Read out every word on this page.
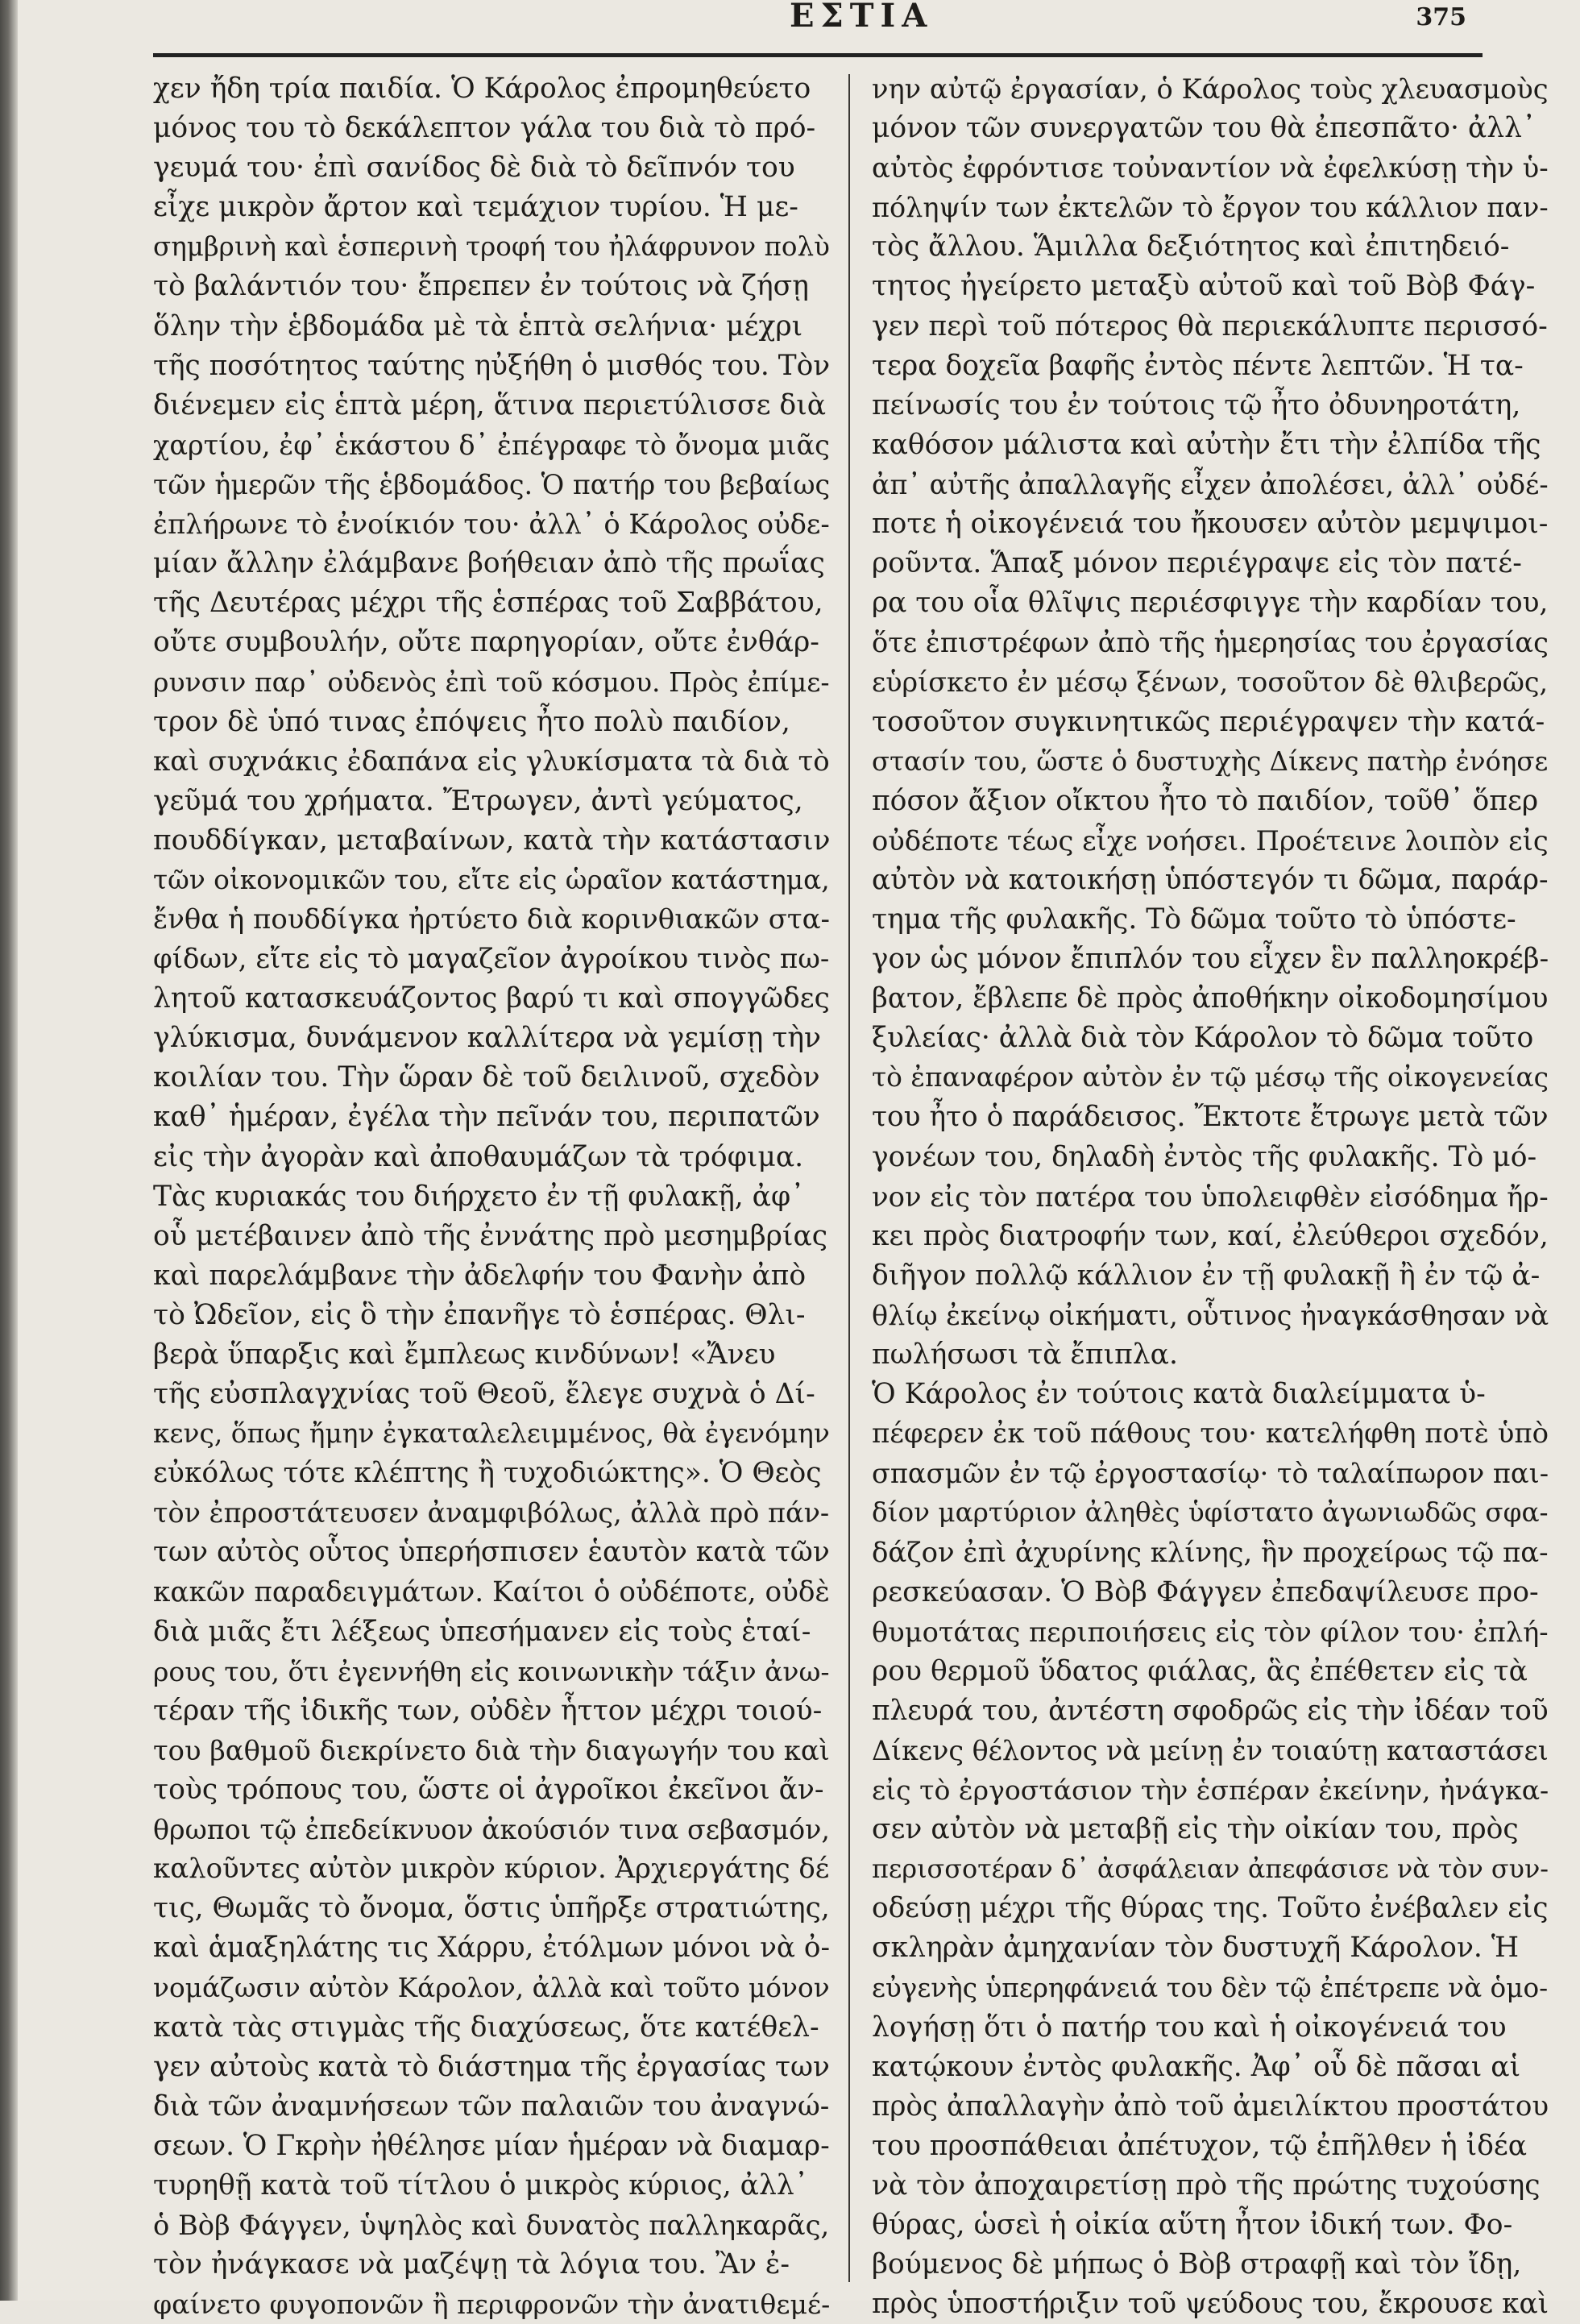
ΕΣΤΙΑ	375
χεν ἤδη τρία παιδία. Ὁ Κάρολος ἐπρομηθεύετο
μόνος του τὸ δεκάλεπτον γάλα του διὰ τὸ πρό-
γευμά του· ἐπὶ σανίδος δὲ διὰ τὸ δεῖπνόν του
εἶχε μικρὸν ἄρτον καὶ τεμάχιον τυρίου. Ἡ με-
σημβρινὴ καὶ ἑσπερινὴ τροφή του ἠλάφρυνον πολὺ
τὸ βαλάντιόν του· ἔπρεπεν ἐν τούτοις νὰ ζήσῃ
ὅλην τὴν ἑβδομάδα μὲ τὰ ἑπτὰ σελήνια· μέχρι
τῆς ποσότητος ταύτης ηὐξήθη ὁ μισθός του. Τὸν
διένεμεν εἰς ἑπτὰ μέρη, ἅτινα περιετύλισσε διὰ
χαρτίου, ἐφ᾽ ἑκάστου δ᾽ ἐπέγραφε τὸ ὄνομα μιᾶς
τῶν ἡμερῶν τῆς ἑβδομάδος. Ὁ πατήρ του βεβαίως
ἐπλήρωνε τὸ ἐνοίκιόν του· ἀλλ᾽ ὁ Κάρολος οὐδε-
μίαν ἄλλην ἐλάμβανε βοήθειαν ἀπὸ τῆς πρωΐας
τῆς Δευτέρας μέχρι τῆς ἑσπέρας τοῦ Σαββάτου,
οὔτε συμβουλήν, οὔτε παρηγορίαν, οὔτε ἐνθάρ-
ρυνσιν παρ᾽ οὐδενὸς ἐπὶ τοῦ κόσμου. Πρὸς ἐπίμε-
τρον δὲ ὑπό τινας ἐπόψεις ἦτο πολὺ παιδίον,
καὶ συχνάκις ἐδαπάνα εἰς γλυκίσματα τὰ διὰ τὸ
γεῦμά του χρήματα. Ἔτρωγεν, ἀντὶ γεύματος,
πουδδίγκαν, μεταβαίνων, κατὰ τὴν κατάστασιν
τῶν οἰκονομικῶν του, εἴτε εἰς ὡραῖον κατάστημα,
ἔνθα ἡ πουδδίγκα ἠρτύετο διὰ κορινθιακῶν στα-
φίδων, εἴτε εἰς τὸ μαγαζεῖον ἀγροίκου τινὸς πω-
λητοῦ κατασκευάζοντος βαρύ τι καὶ σπογγῶδες
γλύκισμα, δυνάμενον καλλίτερα νὰ γεμίσῃ τὴν
κοιλίαν του. Τὴν ὥραν δὲ τοῦ δειλινοῦ, σχεδὸν
καθ᾽ ἡμέραν, ἐγέλα τὴν πεῖνάν του, περιπατῶν
εἰς τὴν ἀγορὰν καὶ ἀποθαυμάζων τὰ τρόφιμα.
Τὰς κυριακάς του διήρχετο ἐν τῇ φυλακῇ, ἀφ᾽
οὗ μετέβαινεν ἀπὸ τῆς ἐννάτης πρὸ μεσημβρίας
καὶ παρελάμβανε τὴν ἀδελφήν του Φανὴν ἀπὸ
τὸ Ὠδεῖον, εἰς ὃ τὴν ἐπανῆγε τὸ ἑσπέρας. Θλι-
βερὰ ὕπαρξις καὶ ἔμπλεως κινδύνων! «Ἄνευ
τῆς εὐσπλαγχνίας τοῦ Θεοῦ, ἔλεγε συχνὰ ὁ Δί-
κενς, ὅπως ἤμην ἐγκαταλελειμμένος, θὰ ἐγενόμην
εὐκόλως τότε κλέπτης ἢ τυχοδιώκτης». Ὁ Θεὸς
τὸν ἐπροστάτευσεν ἀναμφιβόλως, ἀλλὰ πρὸ πάν-
των αὐτὸς οὗτος ὑπερήσπισεν ἑαυτὸν κατὰ τῶν
κακῶν παραδειγμάτων. Καίτοι ὁ οὐδέποτε, οὐδὲ
διὰ μιᾶς ἔτι λέξεως ὑπεσήμανεν εἰς τοὺς ἑταί-
ρους του, ὅτι ἐγεννήθη εἰς κοινωνικὴν τάξιν ἀνω-
τέραν τῆς ἰδικῆς των, οὐδὲν ἧττον μέχρι τοιού-
του βαθμοῦ διεκρίνετο διὰ τὴν διαγωγήν του καὶ
τοὺς τρόπους του, ὥστε οἱ ἀγροῖκοι ἐκεῖνοι ἄν-
θρωποι τῷ ἐπεδείκνυον ἀκούσιόν τινα σεβασμόν,
καλοῦντες αὐτὸν μικρὸν κύριον. Ἀρχιεργάτης δέ
τις, Θωμᾶς τὸ ὄνομα, ὅστις ὑπῆρξε στρατιώτης,
καὶ ἁμαξηλάτης τις Χάρρυ, ἐτόλμων μόνοι νὰ ὀ-
νομάζωσιν αὐτὸν Κάρολον, ἀλλὰ καὶ τοῦτο μόνον
κατὰ τὰς στιγμὰς τῆς διαχύσεως, ὅτε κατέθελ-
γεν αὐτοὺς κατὰ τὸ διάστημα τῆς ἐργασίας των
διὰ τῶν ἀναμνήσεων τῶν παλαιῶν του ἀναγνώ-
σεων. Ὁ Γκρὴν ἠθέλησε μίαν ἡμέραν νὰ διαμαρ-
τυρηθῇ κατὰ τοῦ τίτλου ὁ μικρὸς κύριος, ἀλλ᾽
ὁ Βὸβ Φάγγεν, ὑψηλὸς καὶ δυνατὸς παλληκαρᾶς,
τὸν ἠνάγκασε νὰ μαζέψῃ τὰ λόγια του. Ἂν ἐ-
φαίνετο φυγοπονῶν ἢ περιφρονῶν τὴν ἀνατιθεμέ-
νην αὐτῷ ἐργασίαν, ὁ Κάρολος τοὺς χλευασμοὺς
μόνον τῶν συνεργατῶν του θὰ ἐπεσπᾶτο· ἀλλ᾽
αὐτὸς ἐφρόντισε τοὐναντίον νὰ ἐφελκύσῃ τὴν ὑ-
πόληψίν των ἐκτελῶν τὸ ἔργον του κάλλιον παν-
τὸς ἄλλου. Ἅμιλλα δεξιότητος καὶ ἐπιτηδειό-
τητος ἠγείρετο μεταξὺ αὐτοῦ καὶ τοῦ Βὸβ Φάγ-
γεν περὶ τοῦ πότερος θὰ περιεκάλυπτε περισσό-
τερα δοχεῖα βαφῆς ἐντὸς πέντε λεπτῶν. Ἡ τα-
πείνωσίς του ἐν τούτοις τῷ ἦτο ὀδυνηροτάτη,
καθόσον μάλιστα καὶ αὐτὴν ἔτι τὴν ἐλπίδα τῆς
ἀπ᾽ αὐτῆς ἀπαλλαγῆς εἶχεν ἀπολέσει, ἀλλ᾽ οὐδέ-
ποτε ἡ οἰκογένειά του ἤκουσεν αὐτὸν μεμψιμοι-
ροῦντα. Ἅπαξ μόνον περιέγραψε εἰς τὸν πατέ-
ρα του οἷα θλῖψις περιέσφιγγε τὴν καρδίαν του,
ὅτε ἐπιστρέφων ἀπὸ τῆς ἡμερησίας του ἐργασίας
εὑρίσκετο ἐν μέσῳ ξένων, τοσοῦτον δὲ θλιβερῶς,
τοσοῦτον συγκινητικῶς περιέγραψεν τὴν κατά-
στασίν του, ὥστε ὁ δυστυχὴς Δίκενς πατὴρ ἐνόησε
πόσον ἄξιον οἴκτου ἦτο τὸ παιδίον, τοῦθ᾽ ὅπερ
οὐδέποτε τέως εἶχε νοήσει. Προέτεινε λοιπὸν εἰς
αὐτὸν νὰ κατοικήσῃ ὑπόστεγόν τι δῶμα, παράρ-
τημα τῆς φυλακῆς. Τὸ δῶμα τοῦτο τὸ ὑπόστε-
γον ὡς μόνον ἔπιπλόν του εἶχεν ἓν παλληοκρέβ-
βατον, ἔβλεπε δὲ πρὸς ἀποθήκην οἰκοδομησίμου
ξυλείας· ἀλλὰ διὰ τὸν Κάρολον τὸ δῶμα τοῦτο
τὸ ἐπαναφέρον αὐτὸν ἐν τῷ μέσῳ τῆς οἰκογενείας
του ἦτο ὁ παράδεισος. Ἔκτοτε ἔτρωγε μετὰ τῶν
γονέων του, δηλαδὴ ἐντὸς τῆς φυλακῆς. Τὸ μό-
νον εἰς τὸν πατέρα του ὑπολειφθὲν εἰσόδημα ἤρ-
κει πρὸς διατροφήν των, καί, ἐλεύθεροι σχεδόν,
διῆγον πολλῷ κάλλιον ἐν τῇ φυλακῇ ἢ ἐν τῷ ἀ-
θλίῳ ἐκείνῳ οἰκήματι, οὗτινος ἠναγκάσθησαν νὰ
πωλήσωσι τὰ ἔπιπλα.
Ὁ Κάρολος ἐν τούτοις κατὰ διαλείμματα ὑ-
πέφερεν ἐκ τοῦ πάθους του· κατελήφθη ποτὲ ὑπὸ
σπασμῶν ἐν τῷ ἐργοστασίῳ· τὸ ταλαίπωρον παι-
δίον μαρτύριον ἀληθὲς ὑφίστατο ἀγωνιωδῶς σφα-
δάζον ἐπὶ ἀχυρίνης κλίνης, ἣν προχείρως τῷ πα-
ρεσκεύασαν. Ὁ Βὸβ Φάγγεν ἐπεδαψίλευσε προ-
θυμοτάτας περιποιήσεις εἰς τὸν φίλον του· ἐπλή-
ρου θερμοῦ ὕδατος φιάλας, ἃς ἐπέθετεν εἰς τὰ
πλευρά του, ἀντέστη σφοδρῶς εἰς τὴν ἰδέαν τοῦ
Δίκενς θέλοντος νὰ μείνῃ ἐν τοιαύτῃ καταστάσει
εἰς τὸ ἐργοστάσιον τὴν ἑσπέραν ἐκείνην, ἠνάγκα-
σεν αὐτὸν νὰ μεταβῇ εἰς τὴν οἰκίαν του, πρὸς
περισσοτέραν δ᾽ ἀσφάλειαν ἀπεφάσισε νὰ τὸν συν-
οδεύσῃ μέχρι τῆς θύρας της. Τοῦτο ἐνέβαλεν εἰς
σκληρὰν ἀμηχανίαν τὸν δυστυχῆ Κάρολον. Ἡ
εὐγενὴς ὑπερηφάνειά του δὲν τῷ ἐπέτρεπε νὰ ὁμο-
λογήσῃ ὅτι ὁ πατήρ του καὶ ἡ οἰκογένειά του
κατῴκουν ἐντὸς φυλακῆς. Ἀφ᾽ οὗ δὲ πᾶσαι αἱ
πρὸς ἀπαλλαγὴν ἀπὸ τοῦ ἀμειλίκτου προστάτου
του προσπάθειαι ἀπέτυχον, τῷ ἐπῆλθεν ἡ ἰδέα
νὰ τὸν ἀποχαιρετίσῃ πρὸ τῆς πρώτης τυχούσης
θύρας, ὡσεὶ ἡ οἰκία αὕτη ἦτον ἰδική των. Φο-
βούμενος δὲ μήπως ὁ Βὸβ στραφῇ καὶ τὸν ἴδῃ,
πρὸς ὑποστήριξιν τοῦ ψεύδους του, ἔκρουσε καὶ
